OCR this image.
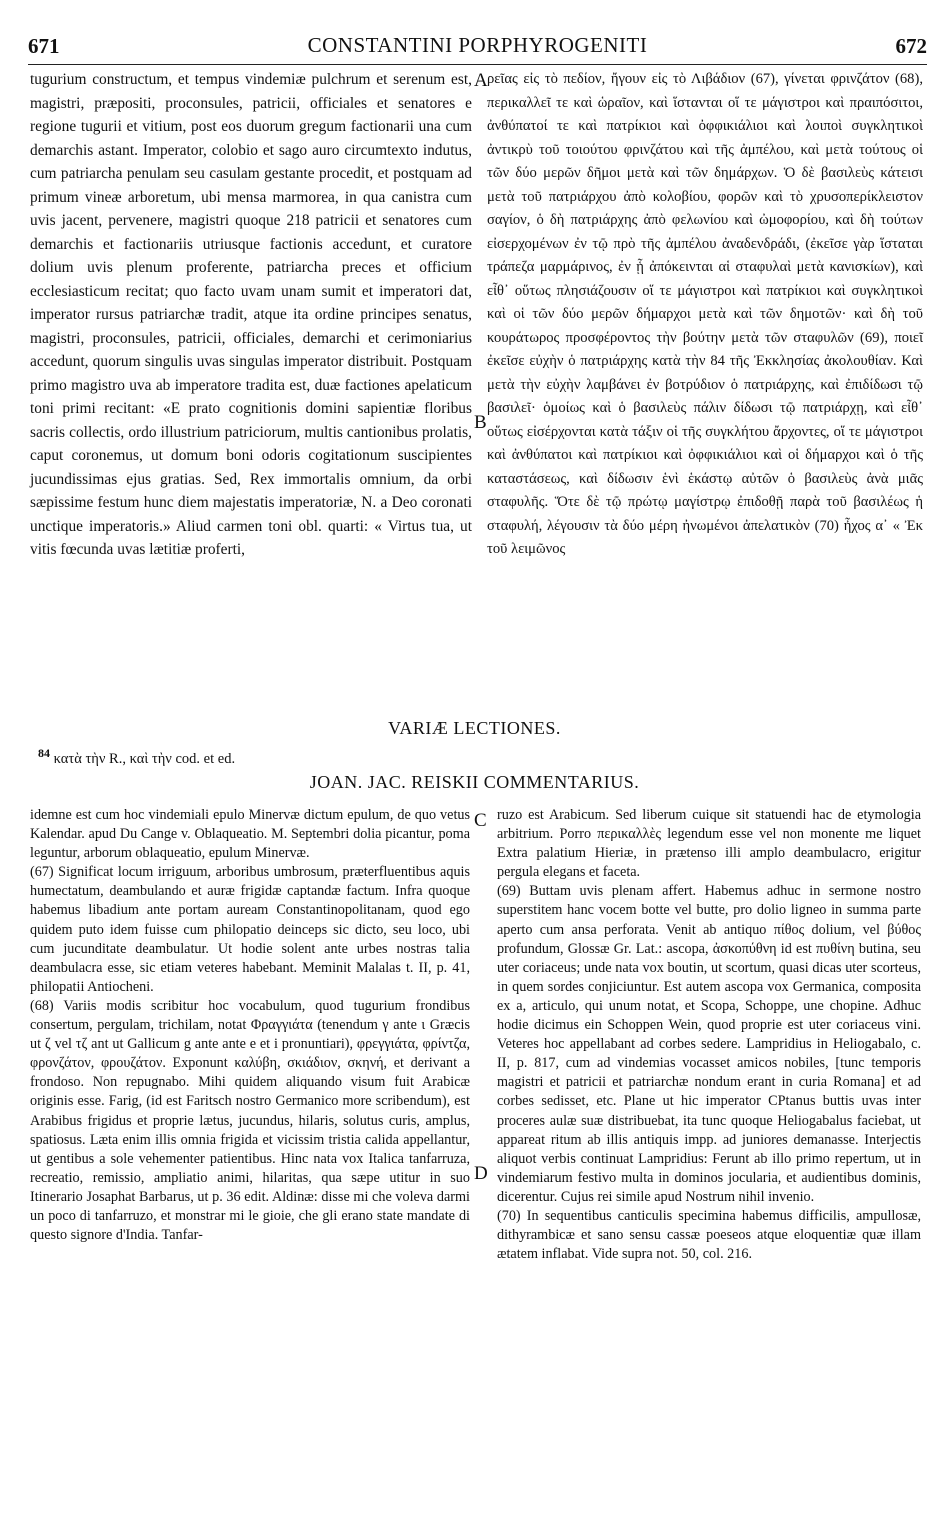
671	CONSTANTINI PORPHYROGENITI	672

tugurium constructum, et tempus vindemiæ pulchrum et serenum est, magistri, præpositi, proconsules, patricii, officiales et senatores e regione tugurii et vitium, post eos duorum gregum factionarii una cum demarchis astant. Imperator, colobio et sago auro circumtexto indutus, cum patriarcha penulam seu casulam gestante procedit, et postquam ad primum vineæ arboretum, ubi mensa marmorea, in qua canistra cum uvis jacent, pervenere, magistri quoque 218 patricii et senatores cum demarchis et factionariis utriusque factionis accedunt, et curatore dolium uvis plenum proferente, patriarcha preces et officium ecclesiasticum recitat; quo facto uvam unam sumit et imperatori dat, imperator rursus patriarchæ tradit, atque ita ordine principes senatus, magistri, proconsules, patricii, officiales, demarchi et cerimoniarius accedunt, quorum singulis uvas singulas imperator distribuit. Postquam primo magistro uva ab imperatore tradita est, duæ factiones apelaticum toni primi recitant: «E prato cognitionis domini sapientiæ floribus sacris collectis, ordo illustrium patriciorum, multis cantionibus prolatis, caput coronemus, ut domum boni odoris cogitationum suscipientes jucundissimas ejus gratias. Sed, Rex immortalis omnium, da orbi sæpissime festum hunc diem majestatis imperatoriæ, N. a Deo coronati unctique imperatoris.» Aliud carmen toni obl. quarti: « Virtus tua, ut vitis fœcunda uvas lætitiæ proferti,

A
B
C
D

ρεῖας εἰς τὸ πεδίον, ἤγουν εἰς τὸ Λιβάδιον (67), γίνεται φρινζάτον (68), περικαλλεῖ τε καὶ ὡραῖον, καὶ ἵστανται οἵ τε μάγιστροι καὶ πραιπόσιτοι, ἀνθύπατοί τε καὶ πατρίκιοι καὶ ὀφφικιάλιοι καὶ λοιποὶ συγκλητικοὶ ἀντικρὺ τοῦ τοιούτου φρινζάτου καὶ τῆς ἀμπέλου, καὶ μετὰ τούτους οἱ τῶν δύο μερῶν δῆμοι μετὰ καὶ τῶν δημάρχων. Ὁ δὲ βασιλεὺς κάτεισι μετὰ τοῦ πατριάρχου ἀπὸ κολοβίου, φορῶν καὶ τὸ χρυσοπερίκλειστον σαγίον, ὁ δὴ πατριάρχης ἀπὸ φελωνίου καὶ ὠμοφορίου, καὶ δὴ τούτων εἰσερχομένων ἐν τῷ πρὸ τῆς ἀμπέλου ἀναδενδράδι, (ἐκεῖσε γὰρ ἵσταται τράπεζα μαρμάρινος, ἐν ᾗ ἀπόκεινται αἱ σταφυλαὶ μετὰ κανισκίων), καὶ εἶθ᾽ οὕτως πλησιάζουσιν οἵ τε μάγιστροι καὶ πατρίκιοι καὶ συγκλητικοὶ καὶ οἱ τῶν δύο μερῶν δήμαρχοι μετὰ καὶ τῶν δημοτῶν· καὶ δὴ τοῦ κουράτωρος προσφέροντος τὴν βούτην μετὰ τῶν σταφυλῶν (69), ποιεῖ ἐκεῖσε εὐχὴν ὁ πατριάρχης κατὰ τὴν 84 τῆς Ἐκκλησίας ἀκολουθίαν. Καὶ μετὰ τὴν εὐχὴν λαμβάνει ἐν βοτρύδιον ὁ πατριάρχης, καὶ ἐπιδίδωσι τῷ βασιλεῖ· ὁμοίως καὶ ὁ βασιλεὺς πάλιν δίδωσι τῷ πατριάρχῃ, καὶ εἶθ᾽ οὕτως εἰσέρχονται κατὰ τάξιν οἱ τῆς συγκλήτου ἄρχοντες, οἵ τε μάγιστροι καὶ ἀνθύπατοι καὶ πατρίκιοι καὶ ὀφφικιάλιοι καὶ οἱ δήμαρχοι καὶ ὁ τῆς καταστάσεως, καὶ δίδωσιν ἑνὶ ἑκάστῳ αὐτῶν ὁ βασιλεὺς ἀνὰ μιᾶς σταφυλῆς. Ὅτε δὲ τῷ πρώτῳ μαγίστρῳ ἐπιδοθῇ παρὰ τοῦ βασιλέως ἡ σταφυλή, λέγουσιν τὰ δύο μέρη ἠνωμένοι ἀπελατικὸν (70) ἦχος α᾽ « Ἐκ τοῦ λειμῶνος

VARIÆ LECTIONES.
$^{84}$ κατὰ τὴν R., καὶ τὴν cod. et ed.
JOAN. JAC. REISKII COMMENTARIUS.

idemne est cum hoc vindemiali epulo Minervæ dictum epulum, de quo vetus Kalendar. apud Du Cange v. Oblaqueatio. M. Septembri dolia picantur, poma leguntur, arborum oblaqueatio, epulum Minervæ.

(67) Significat locum irriguum, arboribus umbrosum, præterfluentibus aquis humectatum, deambulando et auræ frigidæ captandæ factum. Infra quoque habemus libadium ante portam auream Constantinopolitanam, quod ego quidem puto idem fuisse cum philopatio deinceps sic dicto, seu loco, ubi cum jucunditate deambulatur. Ut hodie solent ante urbes nostras talia deambulacra esse, sic etiam veteres habebant. Meminit Malalas t. II, p. 41, philopatii Antiocheni.

(68) Variis modis scribitur hoc vocabulum, quod tugurium frondibus consertum, pergulam, trichilam, notat Φραγγιάτα (tenendum γ ante ι Græcis ut ζ vel τζ ant ut Gallicum g ante ante e et i pronuntiari), φρεγγιάτα, φρίντζα, φρονζάτον, φρουζάτον. Exponunt καλύβη, σκιάδιον, σκηνή, et derivant a frondoso. Non repugnabo. Mihi quidem aliquando visum fuit Arabicæ originis esse. Farig, (id est Faritsch nostro Germanico more scribendum), est Arabibus frigidus et proprie lætus, jucundus, hilaris, solutus curis, amplus, spatiosus. Læta enim illis omnia frigida et vicissim tristia calida appellantur, ut gentibus a sole vehementer patientibus. Hinc nata vox Italica tanfarruza, recreatio, remissio, ampliatio animi, hilaritas, qua sæpe utitur in suo Itinerario Josaphat Barbarus, ut p. 36 edit. Aldinæ: disse mi che voleva darmi un poco di tanfarruzo, et monstrar mi le gioie, che gli erano state mandate di questo signore d'India. Tanfar-

ruzo est Arabicum. Sed liberum cuique sit statuendi hac de etymologia arbitrium. Porro περικαλλὲς legendum esse vel non monente me liquet Extra palatium Hieriæ, in prætenso illi amplo deambulacro, erigitur pergula elegans et faceta.

(69) Buttam uvis plenam affert. Habemus adhuc in sermone nostro superstitem hanc vocem botte vel butte, pro dolio ligneo in summa parte aperto cum ansa perforata. Venit ab antiquo πίθος dolium, vel βύθος profundum, Glossæ Gr. Lat.: ascopa, ἀσκοπύθνη id est πυθίνη butina, seu uter coriaceus; unde nata vox boutin, ut scortum, quasi dicas uter scorteus, in quem sordes conjiciuntur. Est autem ascopa vox Germanica, composita ex a, articulo, qui unum notat, et Scopa, Schoppe, une chopine. Adhuc hodie dicimus ein Schoppen Wein, quod proprie est uter coriaceus vini. Veteres hoc appellabant ad corbes sedere. Lampridius in Heliogabalo, c. II, p. 817, cum ad vindemias vocasset amicos nobiles, [tunc temporis magistri et patricii et patriarchæ nondum erant in curia Romana] et ad corbes sedisset, etc. Plane ut hic imperator CPtanus buttis uvas inter proceres aulæ suæ distribuebat, ita tunc quoque Heliogabalus faciebat, ut appareat ritum ab illis antiquis impp. ad juniores demanasse. Interjectis aliquot verbis continuat Lampridius: Ferunt ab illo primo repertum, ut in vindemiarum festivo multa in dominos jocularia, et audientibus dominis, dicerentur. Cujus rei simile apud Nostrum nihil invenio.

(70) In sequentibus canticulis specimina habemus difficilis, ampullosæ, dithyrambicæ et sano sensu cassæ poeseos atque eloquentiæ quæ illam ætatem inflabat. Vide supra not. 50, col. 216.
